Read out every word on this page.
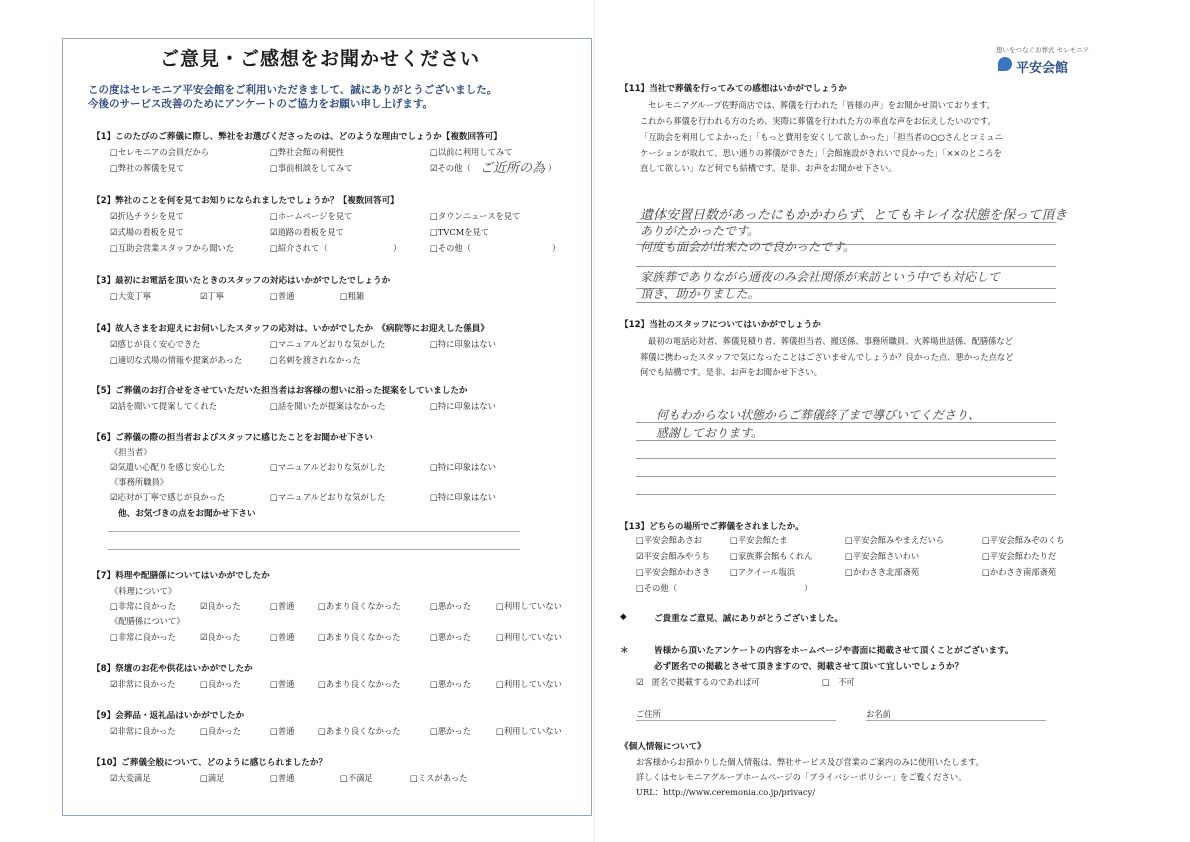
ご意見・ご感想をお聞かせください
この度はセレモニア平安会館をご利用いただきまして、誠にありがとうございました。
今後のサービス改善のためにアンケートのご協力をお願い申し上げます。
【1】このたびのご葬儀に際し、弊社をお選びくださったのは、どのような理由でしょうか【複数回答可】
□セレモニアの会員だから	□弊社会館の利便性	□以前に利用してみて
□弊社の葬儀を見て	□事前相談をしてみて	☑その他（ ご近所の為 ）
【2】弊社のことを何を見てお知りになられましたでしょうか？【複数回答可】
☑折込チラシを見て	□ホームページを見て	□タウンニュースを見て
☑式場の看板を見て	☑道路の看板を見て	□TVCMを見て
□互助会営業スタッフから聞いた	□紹介されて（	）	□その他（	）
【3】最初にお電話を頂いたときのスタッフの対応はいかがでしたでしょうか
□大変丁寧	☑丁寧	□普通	□粗雑
【4】故人さまをお迎えにお伺いしたスタッフの応対は、いかがでしたか　《病院等にお迎えした係員》
☑感じが良く安心できた	□マニュアルどおりな気がした	□特に印象はない
□適切な式場の情報や提案があった	□名刺を渡されなかった
【5】ご葬儀のお打合せをさせていただいた担当者はお客様の想いに沿った提案をしていましたか
☑話を聞いて提案してくれた	□話を聞いたが提案はなかった	□特に印象はない
【6】ご葬儀の際の担当者およびスタッフに感じたことをお聞かせ下さい
《担当者》
☑気遣い心配りを感じ安心した	□マニュアルどおりな気がした	□特に印象はない
《事務所職員》
☑応対が丁寧で感じが良かった	□マニュアルどおりな気がした	□特に印象はない
他、お気づきの点をお聞かせ下さい
【7】料理や配膳係についてはいかがでしたか
《料理について》
□非常に良かった	☑良かった	□普通	□あまり良くなかった	□悪かった	□利用していない
《配膳係について》
□非常に良かった	☑良かった	□普通	□あまり良くなかった	□悪かった	□利用していない
【8】祭壇のお花や供花はいかがでしたか
☑非常に良かった	□良かった	□普通	□あまり良くなかった	□悪かった	□利用していない
【9】会葬品・返礼品はいかがでしたか
☑非常に良かった	□良かった	□普通	□あまり良くなかった	□悪かった	□利用していない
【10】ご葬儀全般について、どのように感じられましたか？
☑大変満足	□満足	□普通	□不満足	□ミスがあった
想いをつなぐお葬式 セレモニア
平安会館
【11】当社で葬儀を行ってみての感想はいかがでしょうか
セレモニアグループ佐野商店では、葬儀を行われた「皆様の声」をお聞かせ頂いております。
これから葬儀を行われる方のため、実際に葬儀を行われた方の率直な声をお伝えしたいのです。
「互助会を利用してよかった」「もっと費用を安くして欲しかった」「担当者の○○さんとコミュニ
ケーションが取れて、思い通りの葬儀ができた」「会館施設がきれいで良かった」「××のところを
直して欲しい」など何でも結構です。是非、お声をお聞かせ下さい。
遺体安置日数があったにもかかわらず、とてもキレイな状態を保って頂き
ありがたかったです。
何度も面会が出来たので良かったです。
家族葬でありながら通夜のみ会社関係が来訪という中でも対応して
頂き、助かりました。
【12】当社のスタッフについてはいかがでしょうか
最初の電話応対者、葬儀見積り者、葬儀担当者、搬送係、事務所職員、火葬場世話係、配膳係など
葬儀に携わったスタッフで気になったことはございませんでしょうか？良かった点、悪かった点など
何でも結構です。是非、お声をお聞かせ下さい。
何もわからない状態からご葬儀終了まで導びいてくださり、
感謝しております。
【13】どちらの場所でご葬儀をされましたか。
□平安会館あさお	□平安会館たま	□平安会館みやまえだいら	□平安会館みぞのくち
☑平安会館みやうち □家族葬会館もくれん	□平安会館さいわい	□平安会館わたりだ
□平安会館かわさき □アクイール塩浜	□かわさき北部斎苑	□かわさき南部斎苑
□その他（	）
◆	ご貴重なご意見、誠にありがとうございました。
＊	皆様から頂いたアンケートの内容をホームページや書面に掲載させて頂くことがございます。
必ず匿名での掲載とさせて頂きますので、掲載させて頂いて宜しいでしょうか？
☑　匿名で掲載するのであれば可	□　不可
ご住所	お名前
《個人情報について》
お客様からお預かりした個人情報は、弊社サービス及び営業のご案内のみに使用いたします。
詳しくはセレモニアグループホームページの「プライバシーポリシー」をご覧ください。
URL：http://www.ceremonia.co.jp/privacy/
